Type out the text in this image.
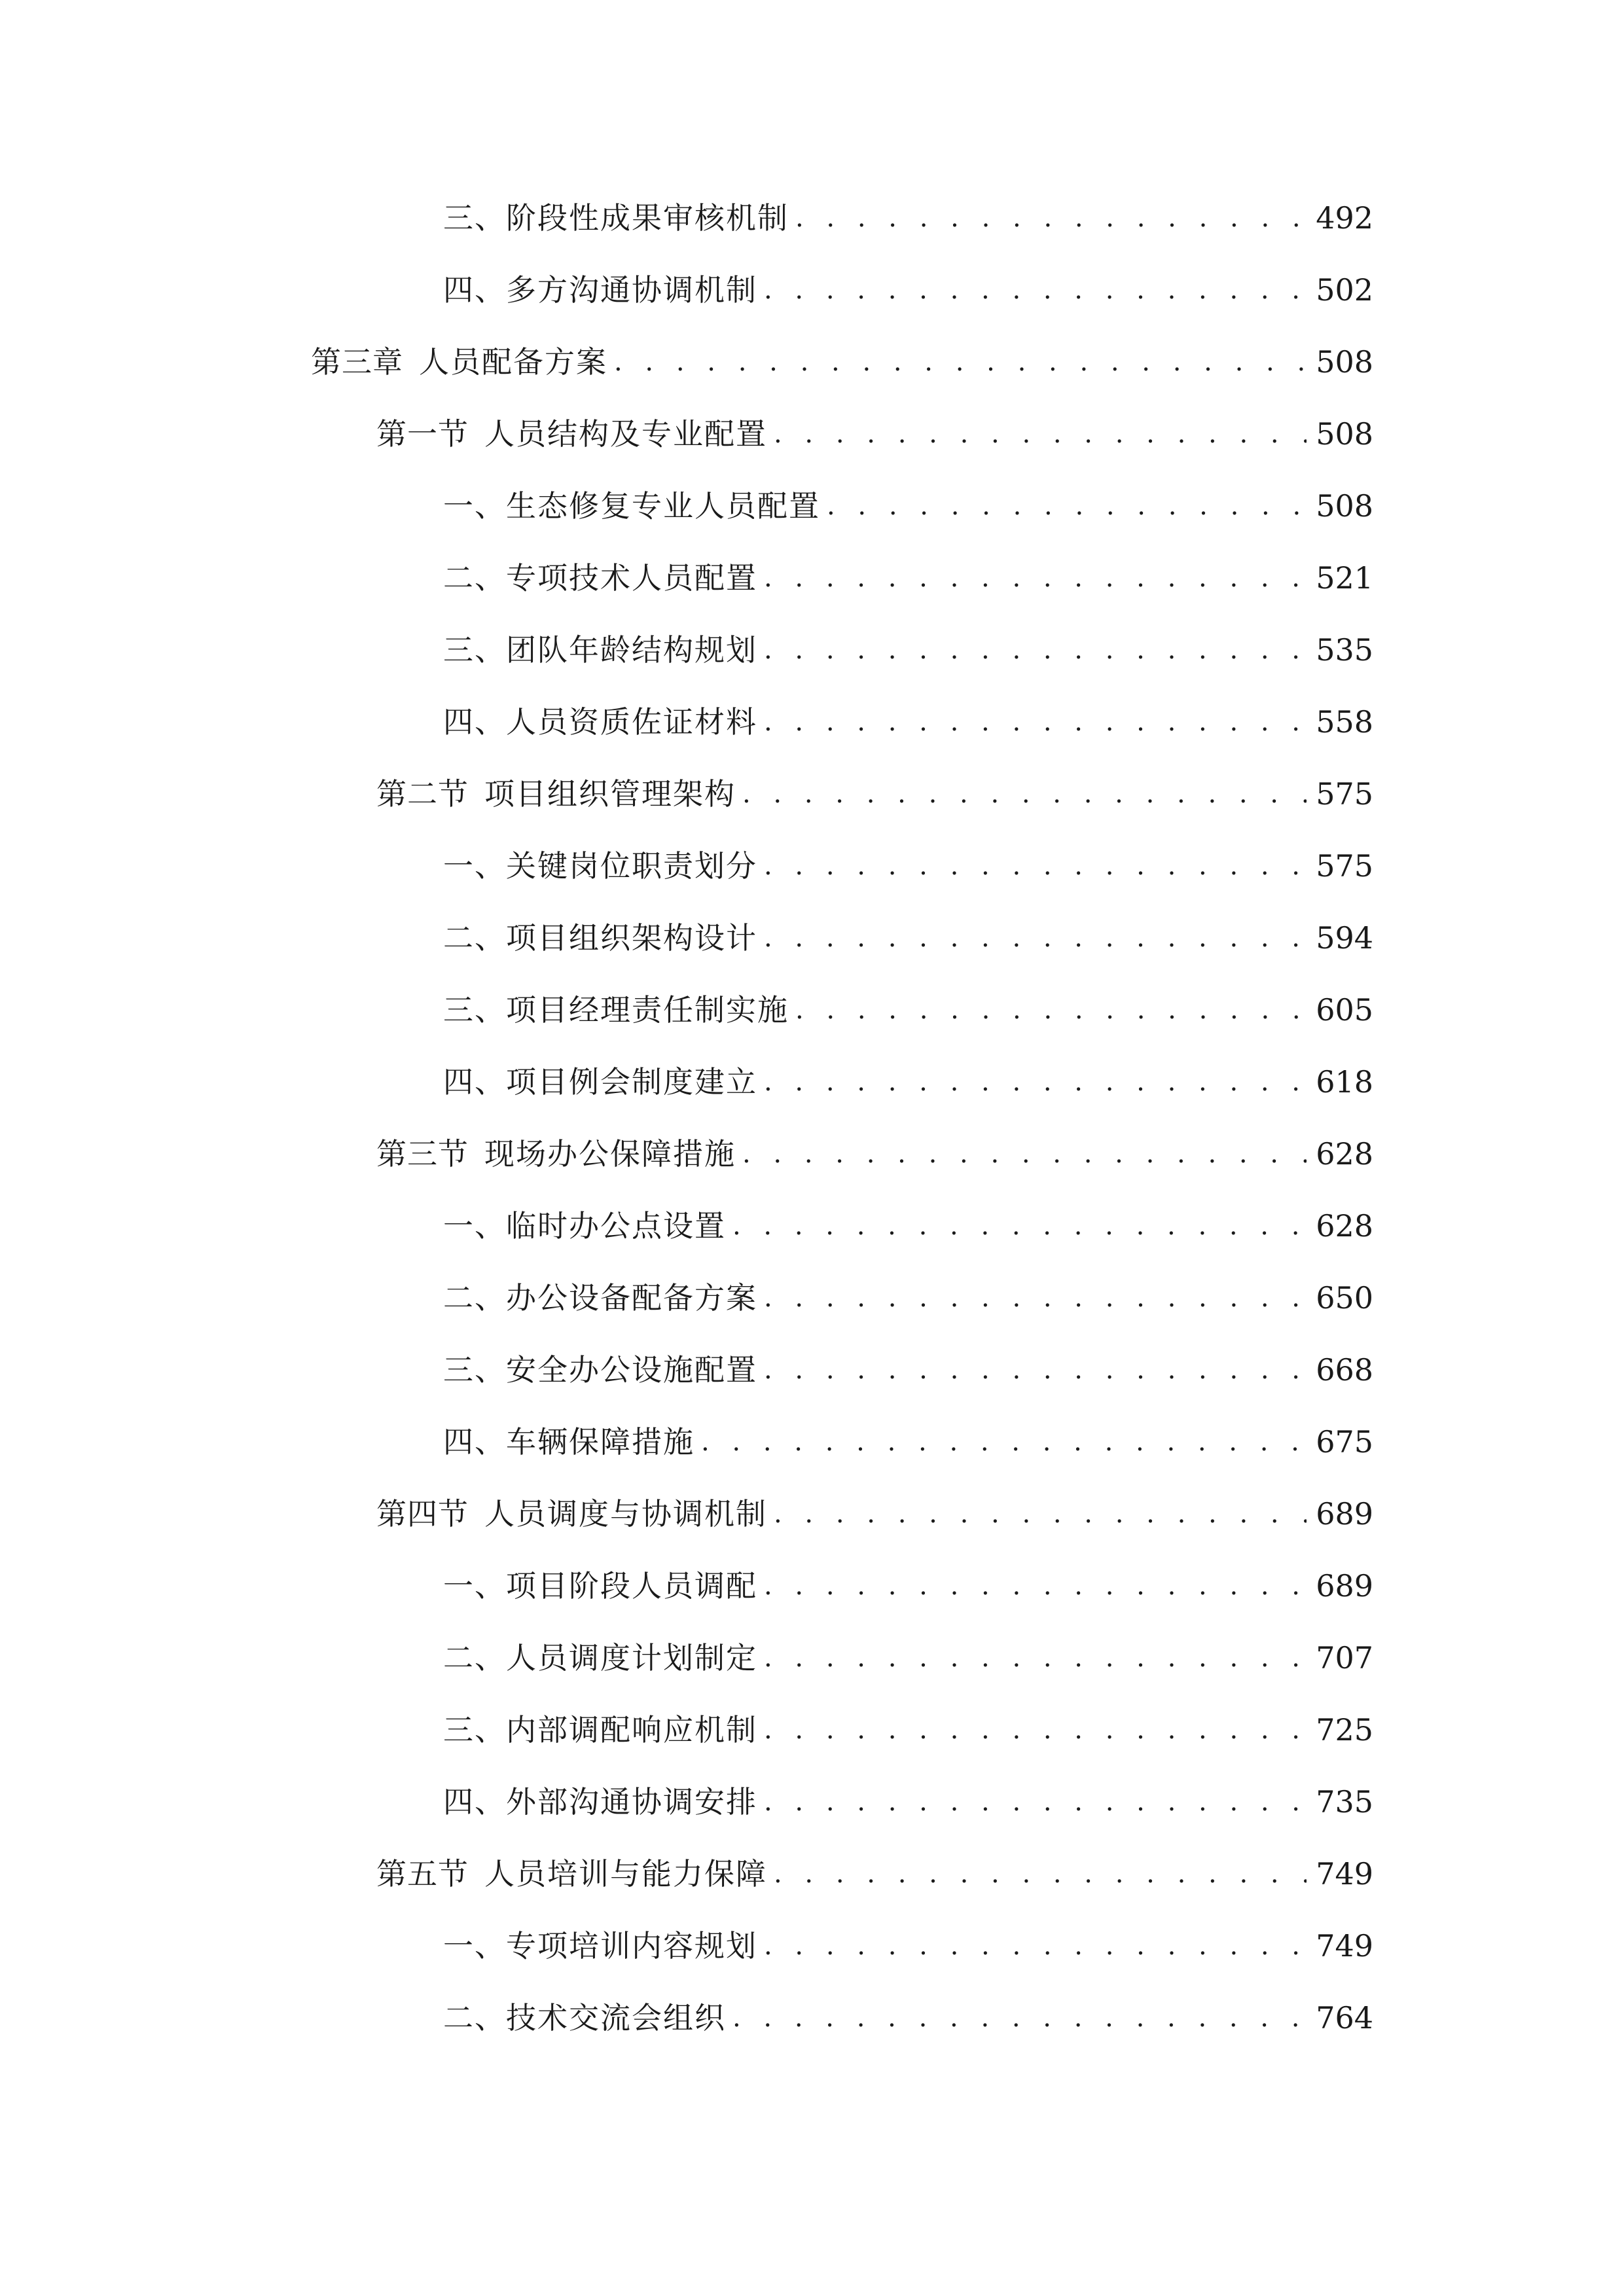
三、 阶段性成果审核机制 . . .	492
四、 多方沟通协调机制 . . .	502
第三章 人员配备方案 . . .	508
第一节 人员结构及专业配置 . . .	508
一、 生态修复专业人员配置 . . .	508
二、 专项技术人员配置 . . .	521
三、 团队年龄结构规划 . . .	535
四、 人员资质佐证材料 . . .	558
第二节 项目组织管理架构 . . .	575
一、 关键岗位职责划分 . . .	575
二、 项目组织架构设计 . . .	594
三、 项目经理责任制实施 . . .	605
四、 项目例会制度建立 . . .	618
第三节 现场办公保障措施 . . .	628
一、 临时办公点设置 . . .	628
二、 办公设备配备方案 . . .	650
三、 安全办公设施配置 . . .	668
四、 车辆保障措施 . . .	675
第四节 人员调度与协调机制 . . .	689
一、 项目阶段人员调配 . . .	689
二、 人员调度计划制定 . . .	707
三、 内部调配响应机制 . . .	725
四、 外部沟通协调安排 . . .	735
第五节 人员培训与能力保障 . . .	749
一、 专项培训内容规划 . . .	749
二、 技术交流会组织 . . .	764
